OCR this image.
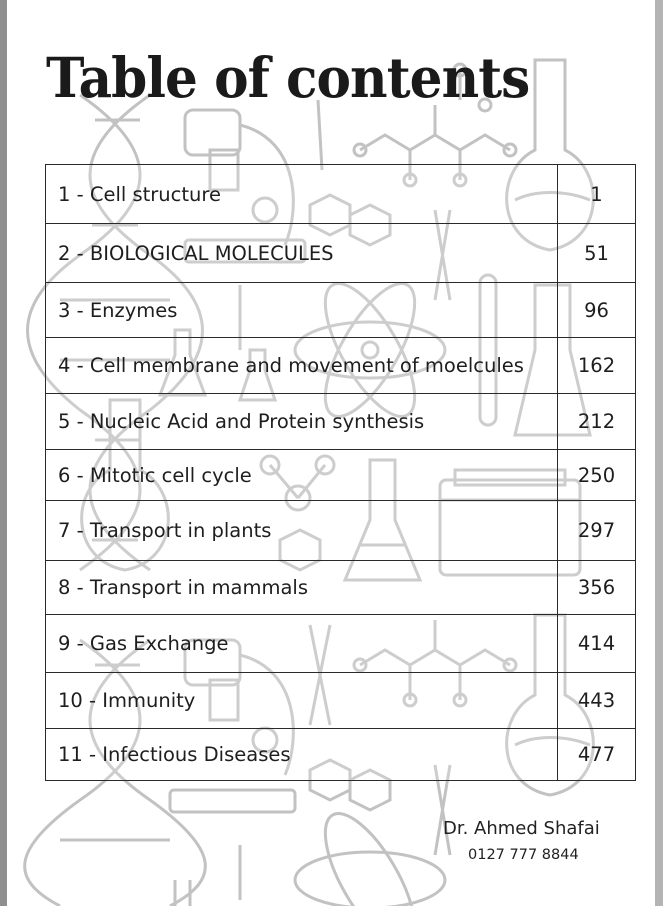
Table of contents
1 - Cell structure	1
2 - BIOLOGICAL MOLECULES	51
3 - Enzymes	96
4 - Cell membrane and movement of moelcules	162
5 - Nucleic Acid and Protein synthesis	212
6 - Mitotic cell cycle	250
7 - Transport in plants	297
8 - Transport in mammals	356
9 - Gas Exchange	414
10 - Immunity	443
11 - Infectious Diseases	477

Dr. Ahmed Shafai

0127 777 8844
